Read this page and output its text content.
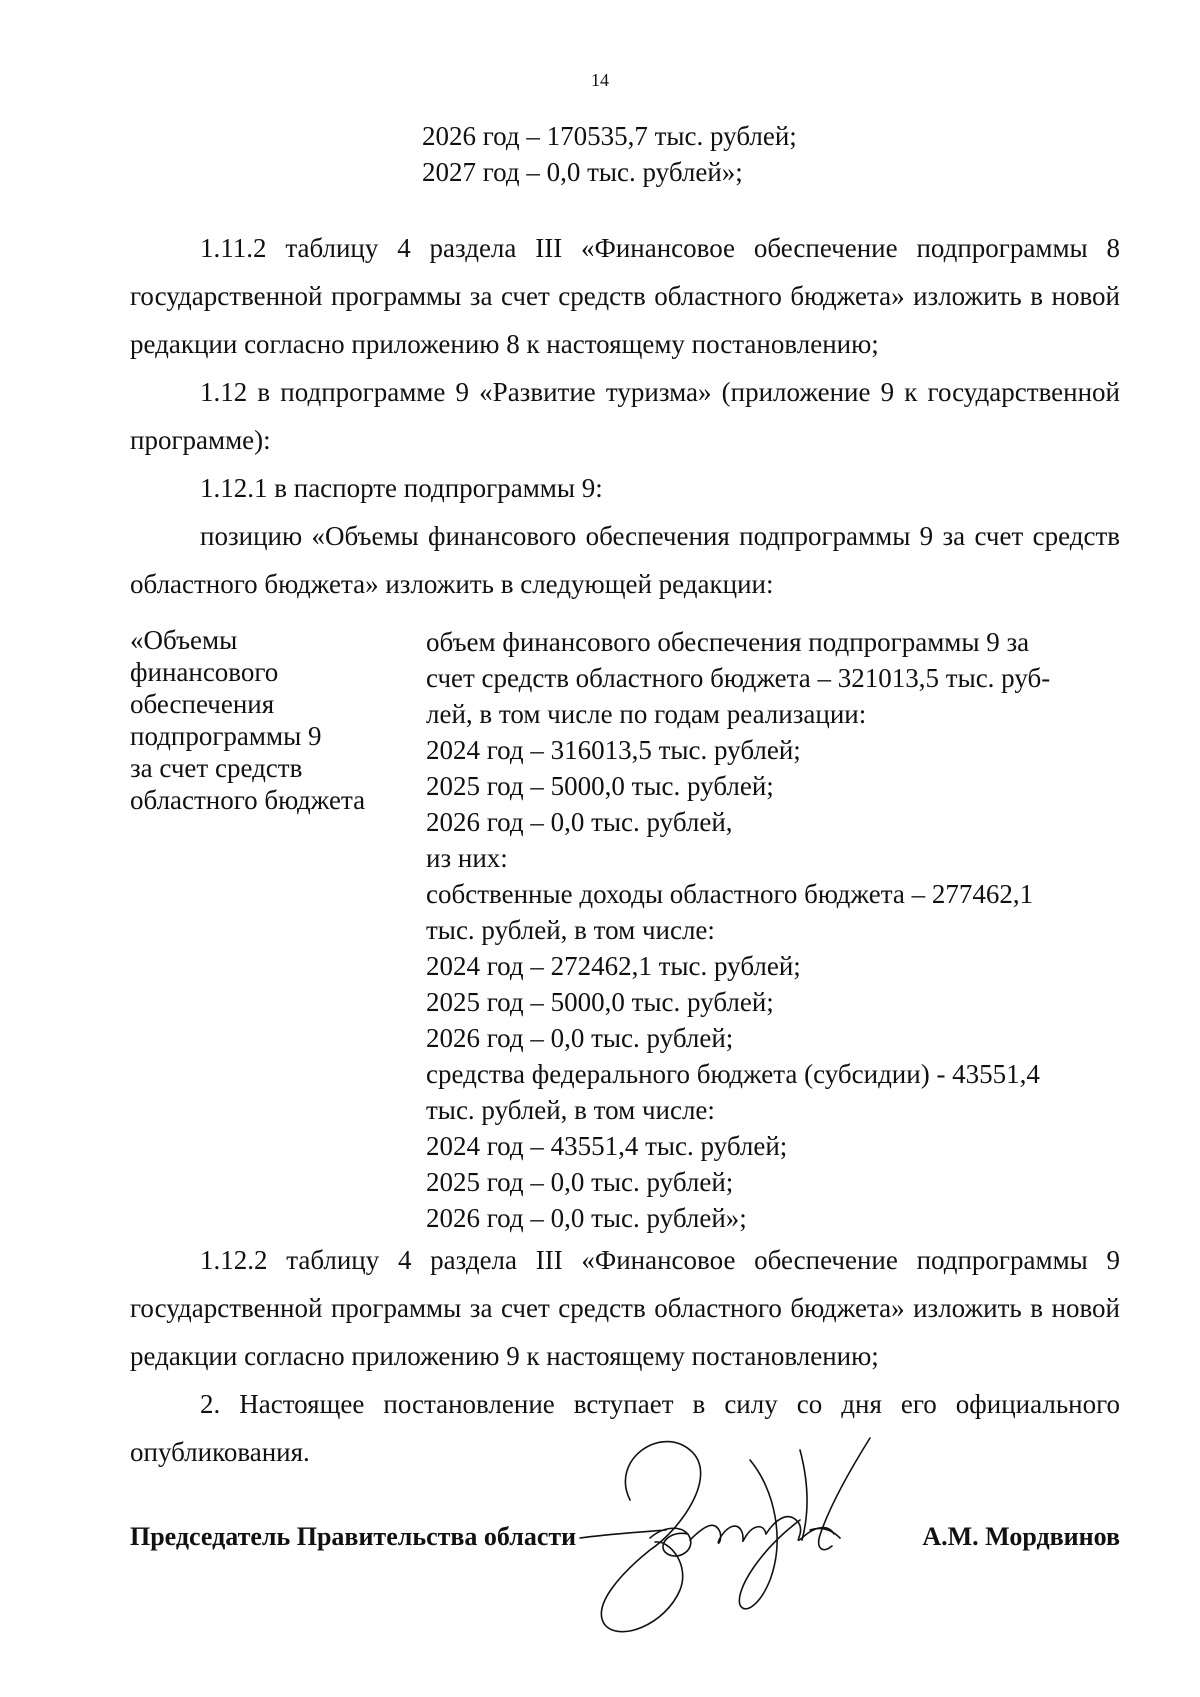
14
2026 год – 170535,7 тыс. рублей;
2027 год – 0,0 тыс. рублей»;

1.11.2 таблицу 4 раздела III «Финансовое обеспечение подпрограммы 8 государственной программы за счет средств областного бюджета» изложить в новой редакции согласно приложению 8 к настоящему постановлению;

1.12 в подпрограмме 9 «Развитие туризма» (приложение 9 к государственной программе):

1.12.1 в паспорте подпрограммы 9:

позицию «Объемы финансового обеспечения подпрограммы 9 за счет средств областного бюджета» изложить в следующей редакции:

«Объемы
финансового
обеспечения
подпрограммы 9
за счет средств
областного бюджета
объем финансового обеспечения подпрограммы 9 за
счет средств областного бюджета – 321013,5 тыс. руб-
лей, в том числе по годам реализации:
2024 год – 316013,5 тыс. рублей;
2025 год – 5000,0 тыс. рублей;
2026 год – 0,0 тыс. рублей,
из них:
собственные доходы областного бюджета – 277462,1
тыс. рублей, в том числе:
2024 год – 272462,1 тыс. рублей;
2025 год – 5000,0 тыс. рублей;
2026 год – 0,0 тыс. рублей;
средства федерального бюджета (субсидии) - 43551,4
тыс. рублей, в том числе:
2024 год – 43551,4 тыс. рублей;
2025 год – 0,0 тыс. рублей;
2026 год – 0,0 тыс. рублей»;

1.12.2 таблицу 4 раздела III «Финансовое обеспечение подпрограммы 9 государственной программы за счет средств областного бюджета» изложить в новой редакции согласно приложению 9 к настоящему постановлению;

2. Настоящее постановление вступает в силу со дня его официального опубликования.

Председатель Правительства области	А.М. Мордвинов
